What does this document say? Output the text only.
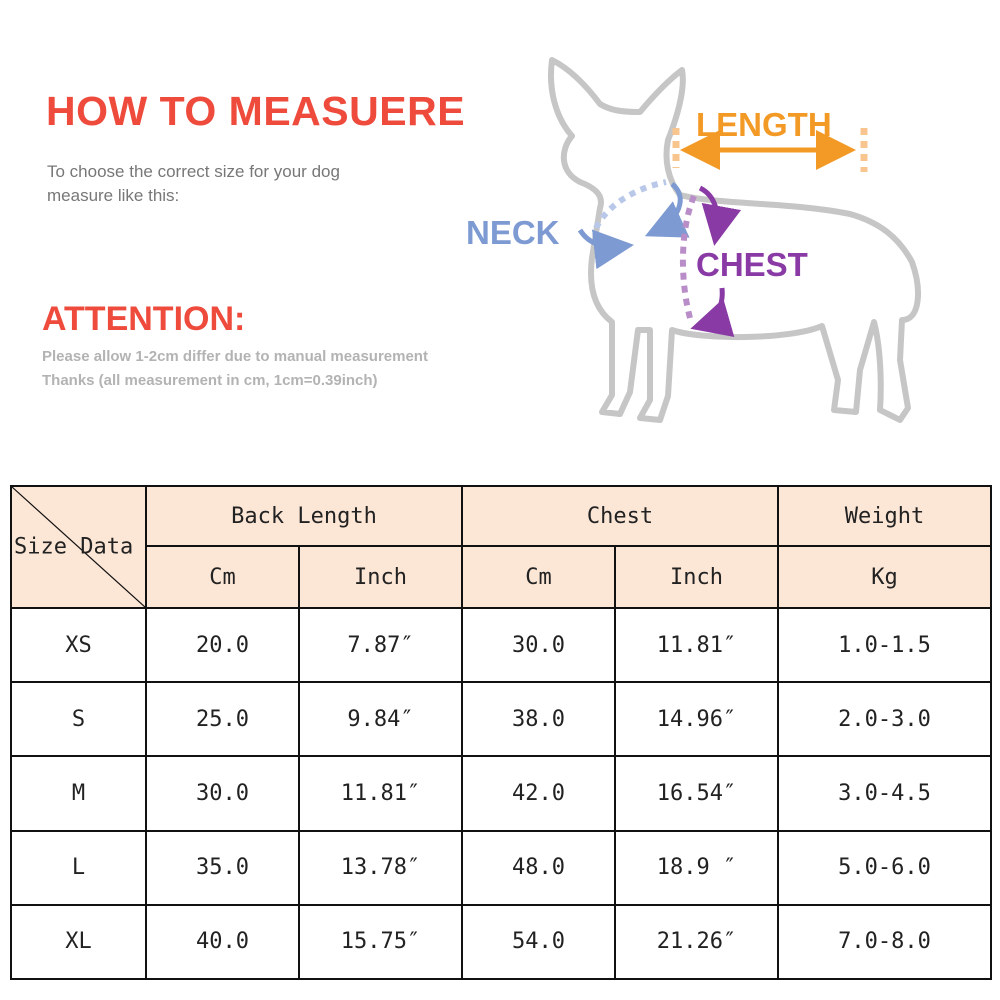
HOW TO MEASUERE
To choose the correct size for your dog
measure like this:
ATTENTION:
Please allow 1-2cm differ due to manual measurement
Thanks (all measurement in cm, 1cm=0.39inch)
LENGTH
NECK
CHEST
Size Data	Back Length		Chest		Weight
	Cm	Inch	Cm	Inch	Kg
XS	20.0	7.87″	30.0	11.81″	1.0-1.5
S	25.0	9.84″	38.0	14.96″	2.0-3.0
M	30.0	11.81″	42.0	16.54″	3.0-4.5
L	35.0	13.78″	48.0	18.9 ″	5.0-6.0
XL	40.0	15.75″	54.0	21.26″	7.0-8.0
